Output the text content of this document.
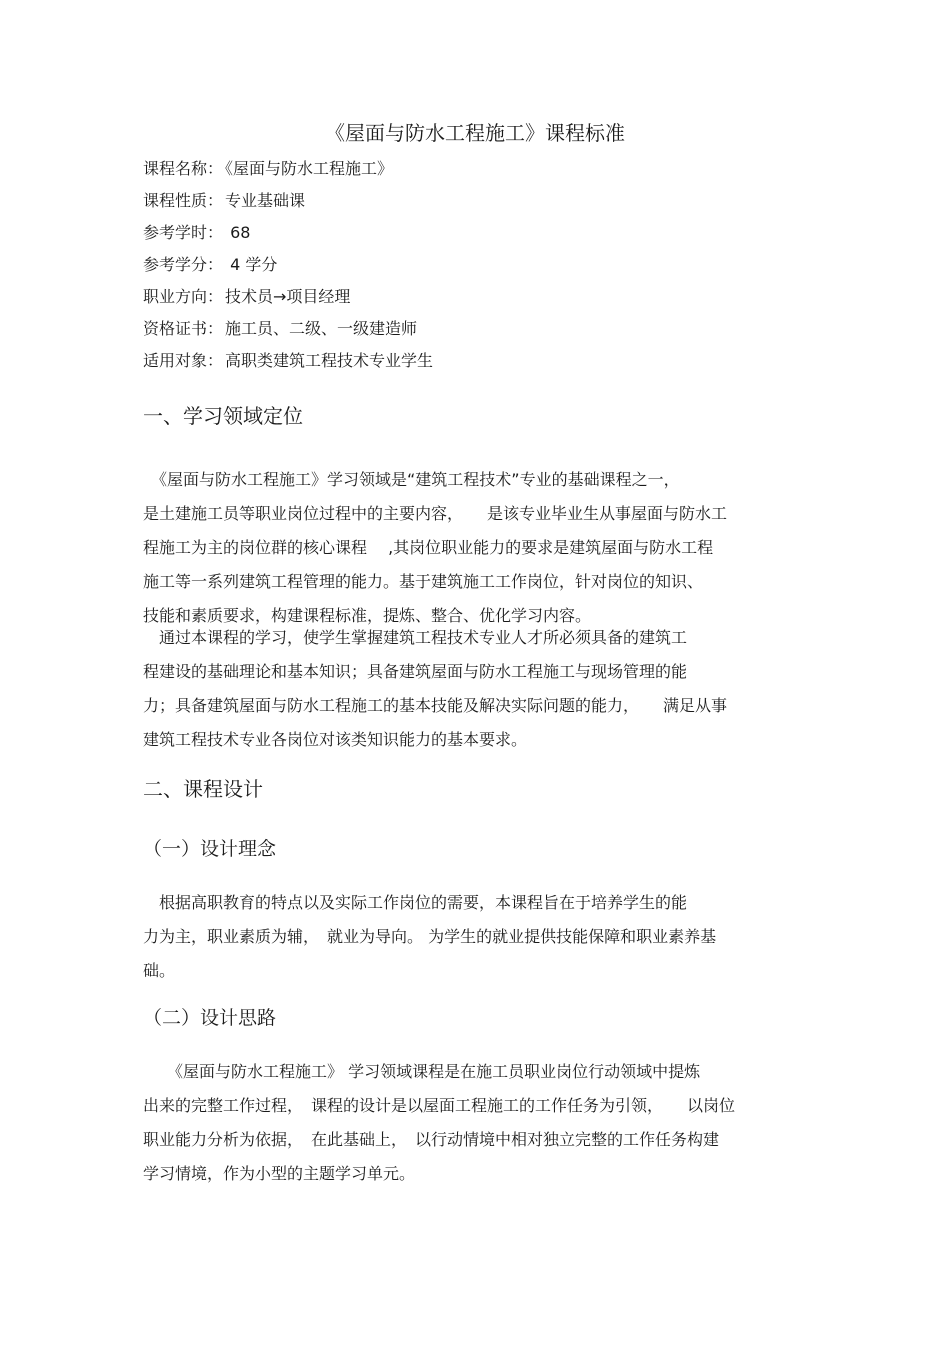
《屋面与防水工程施工》课程标准
课程名称： 《屋面与防水工程施工》
课程性质： 专业基础课
参考学时： 68
参考学分： 4 学分
职业方向： 技术员→项目经理
资格证书： 施工员、二级、一级建造师
适用对象： 高职类建筑工程技术专业学生
一、学习领域定位
　《屋面与防水工程施工》学习领域是“建筑工程技术”专业的基础课程之一，
是土建施工员等职业岗位过程中的主要内容，　　是该专业毕业生从事屋面与防水工
程施工为主的岗位群的核心课程　 ,其岗位职业能力的要求是建筑屋面与防水工程
施工等一系列建筑工程管理的能力。基于建筑施工工作岗位，针对岗位的知识、
技能和素质要求，构建课程标准，提炼、整合、优化学习内容。
　通过本课程的学习，使学生掌握建筑工程技术专业人才所必须具备的建筑工
程建设的基础理论和基本知识；具备建筑屋面与防水工程施工与现场管理的能
力；具备建筑屋面与防水工程施工的基本技能及解决实际问题的能力，　　满足从事
建筑工程技术专业各岗位对该类知识能力的基本要求。
二、课程设计
（一）设计理念
　根据高职教育的特点以及实际工作岗位的需要，本课程旨在于培养学生的能
力为主，职业素质为辅，　就业为导向。 为学生的就业提供技能保障和职业素养基
础。
（二）设计思路
　　《屋面与防水工程施工》 学习领域课程是在施工员职业岗位行动领域中提炼
出来的完整工作过程，　课程的设计是以屋面工程施工的工作任务为引领，　　以岗位
职业能力分析为依据，　在此基础上，　以行动情境中相对独立完整的工作任务构建
学习情境，作为小型的主题学习单元。
